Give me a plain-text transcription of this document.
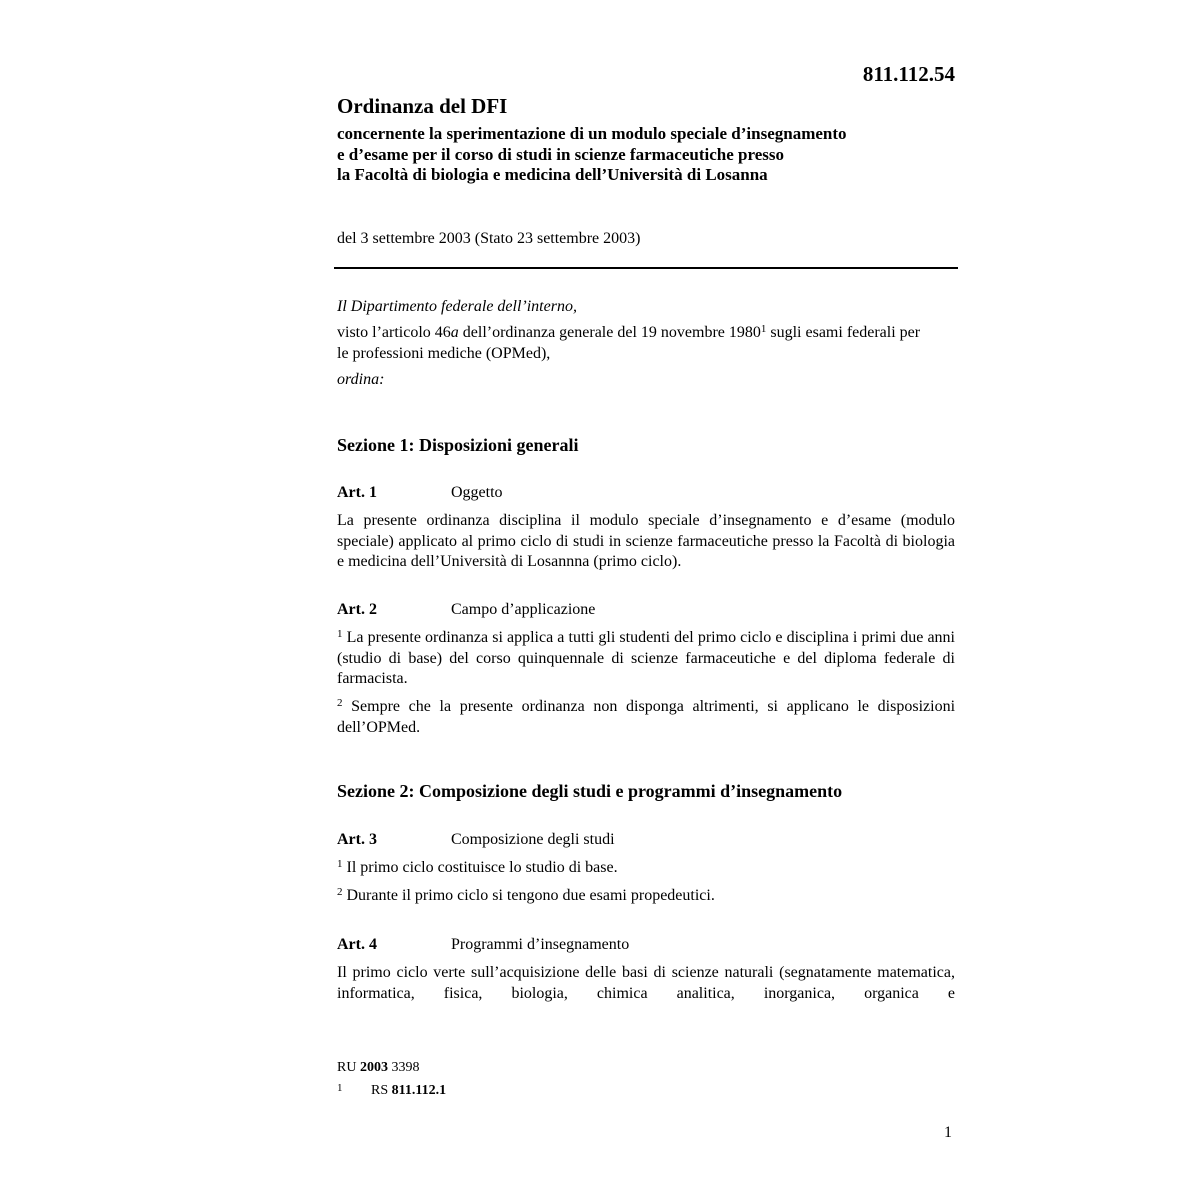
811.112.54
Ordinanza del DFI
concernente la sperimentazione di un modulo speciale d’insegnamento
e d’esame per il corso di studi in scienze farmaceutiche presso
la Facoltà di biologia e medicina dell’Università di Losanna
del 3 settembre 2003 (Stato 23 settembre 2003)
Il Dipartimento federale dell’interno,
visto l’articolo 46a dell’ordinanza generale del 19 novembre 1980$^1$ sugli esami federali per le professioni mediche (OPMed),
ordina:
Sezione 1: Disposizioni generali
Art. 1	Oggetto
La presente ordinanza disciplina il modulo speciale d’insegnamento e d’esame (modulo speciale) applicato al primo ciclo di studi in scienze farmaceutiche presso la Facoltà di biologia e medicina dell’Università di Losannna (primo ciclo).
Art. 2	Campo d’applicazione
$^1$ La presente ordinanza si applica a tutti gli studenti del primo ciclo e disciplina i primi due anni (studio di base) del corso quinquennale di scienze farmaceutiche e del diploma federale di farmacista.
$^2$ Sempre che la presente ordinanza non disponga altrimenti, si applicano le disposizioni dell’OPMed.
Sezione 2: Composizione degli studi e programmi d’insegnamento
Art. 3	Composizione degli studi
$^1$ Il primo ciclo costituisce lo studio di base.
$^2$ Durante il primo ciclo si tengono due esami propedeutici.
Art. 4	Programmi d’insegnamento
Il primo ciclo verte sull’acquisizione delle basi di scienze naturali (segnatamente matematica, informatica, fisica, biologia, chimica analitica, inorganica, organica e
RU 2003 3398
1 RS 811.112.1
1
